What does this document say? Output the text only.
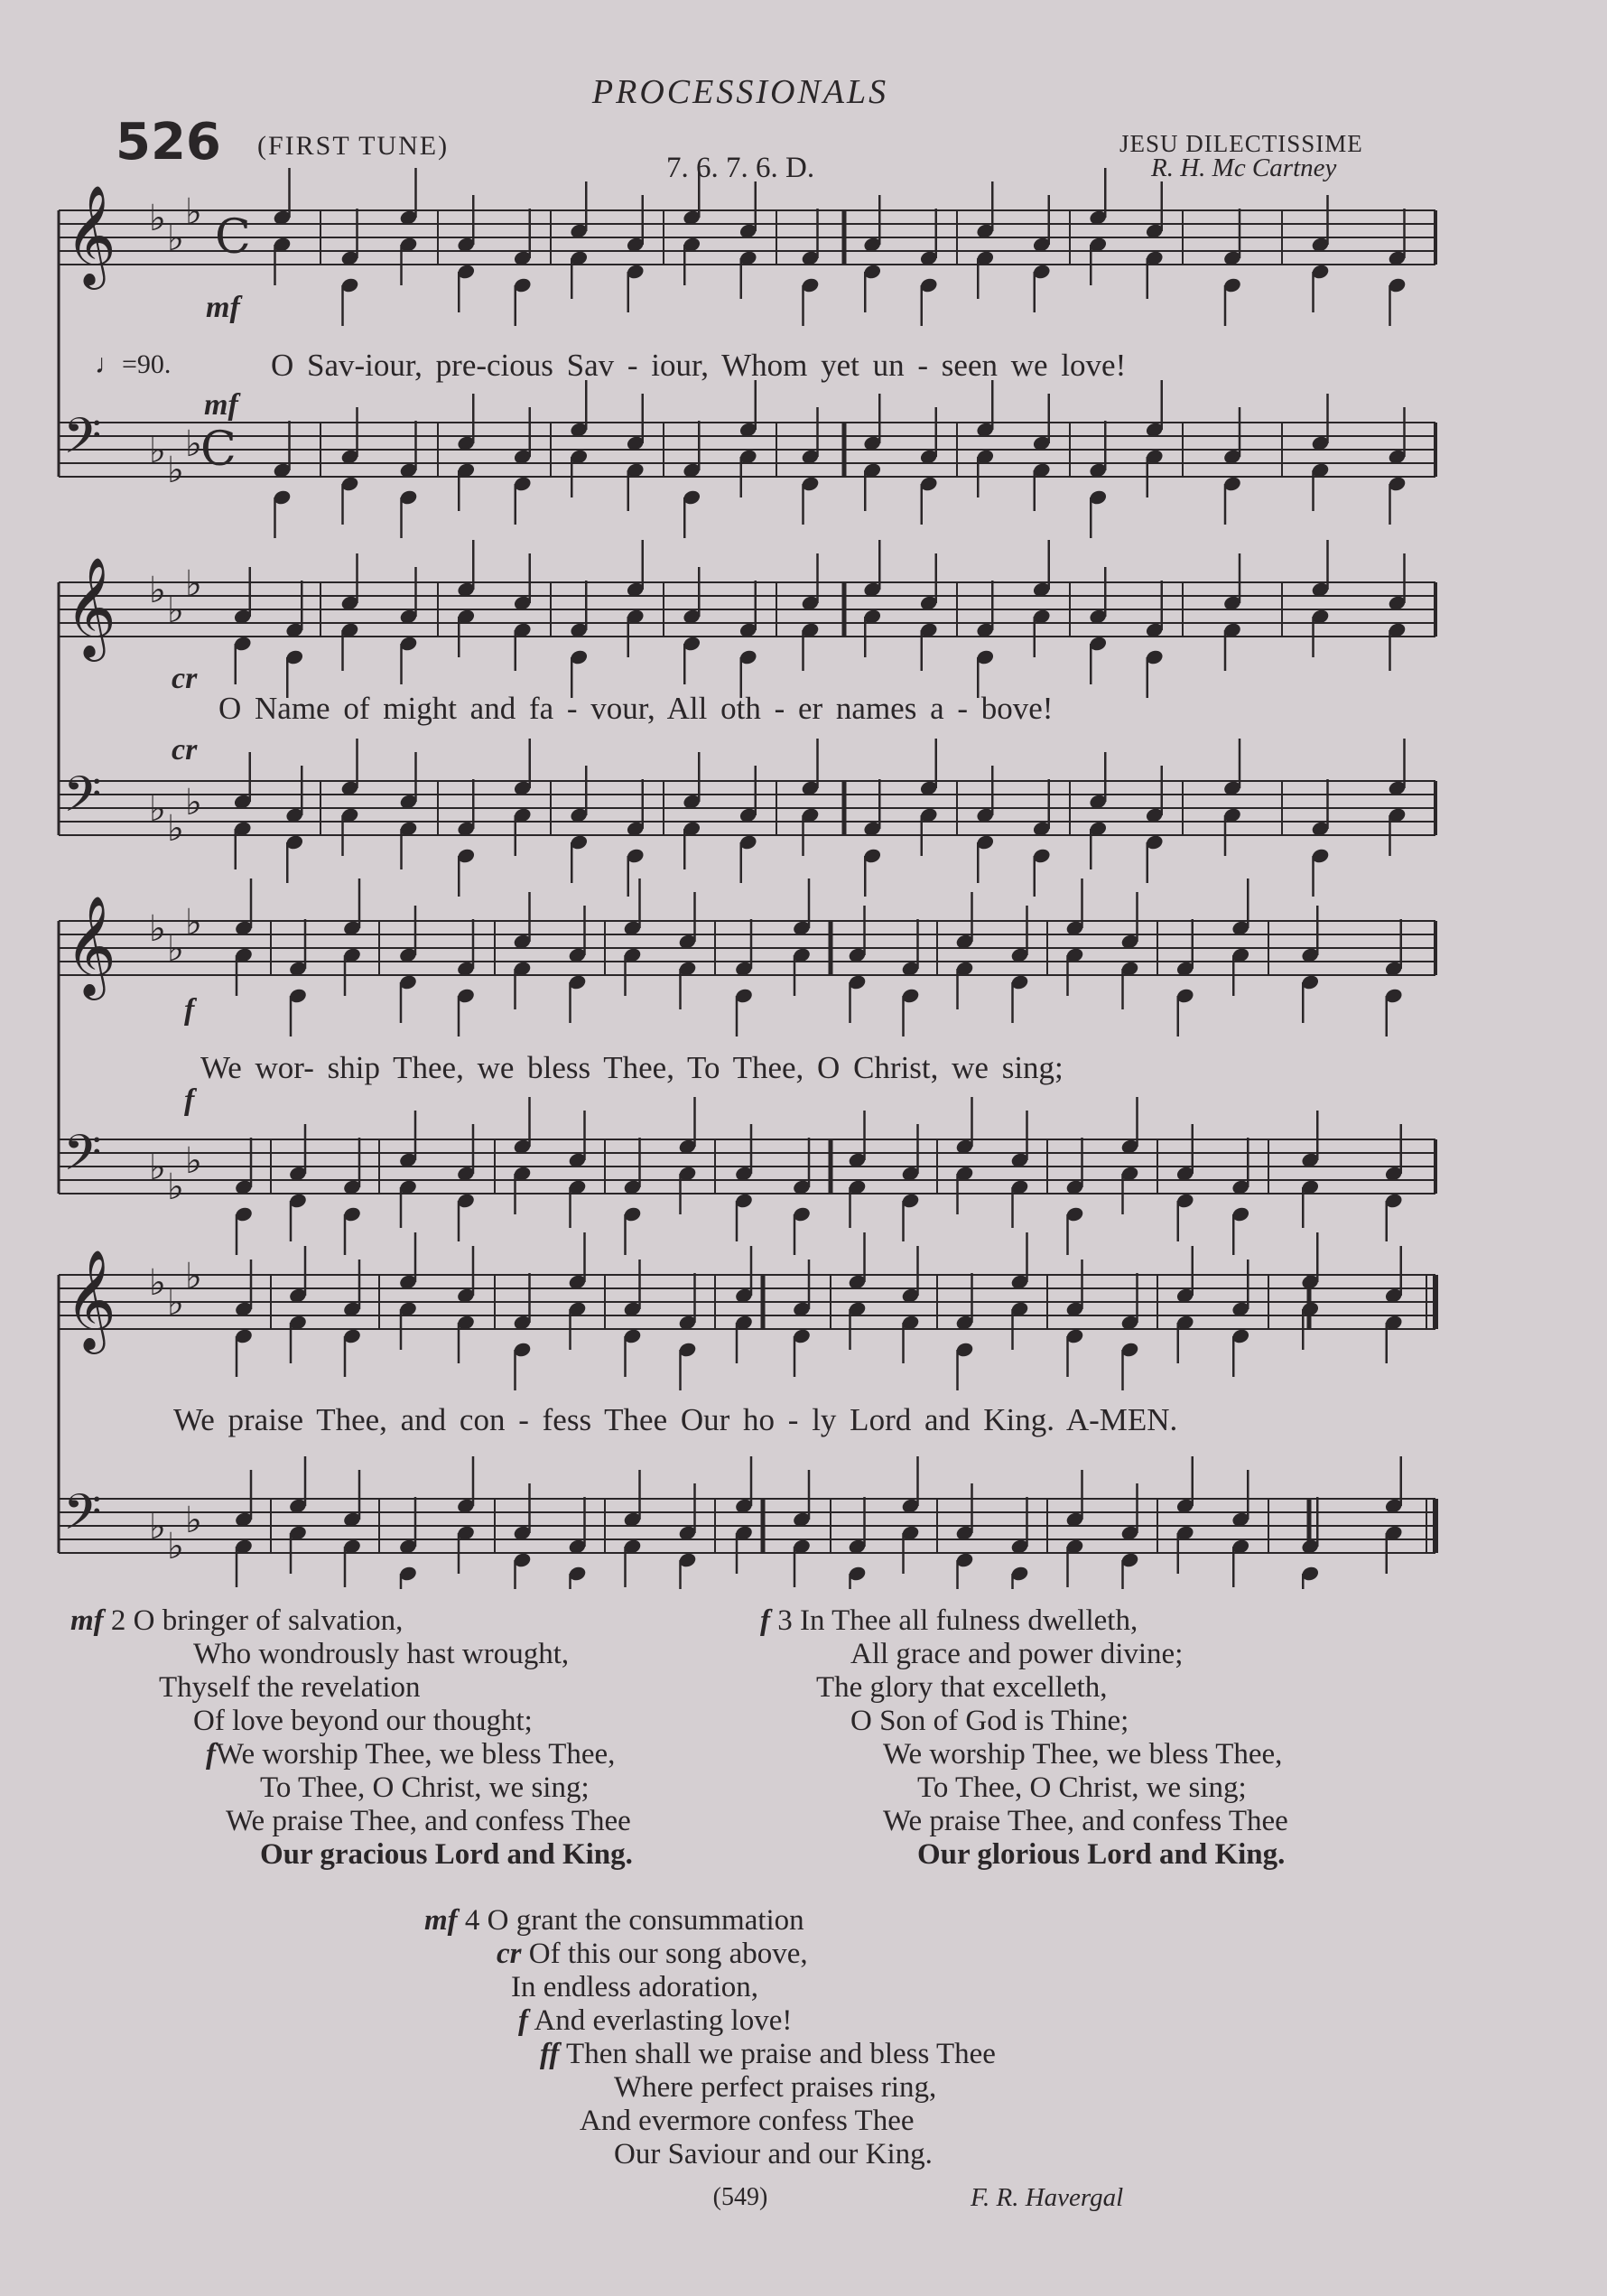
PROCESSIONALS
526 (FIRST TUNE)
7. 6. 7. 6. D.
JESU DILECTISSIME
R. H. Mc Cartney
𝄞 ♭ ♭
♭ C
𝄢 ♭ ♭
♭
C
𝄞 ♭ ♭
♭
𝄢 ♭ ♭
♭
𝄞 ♭ ♭
♭
𝄢 ♭ ♭
♭
𝄞 ♭ ♭
♭
𝄢 ♭ ♭
♭
♩=90.
mf
O Sav-iour, pre-cious Sav - iour, Whom yet un - seen we love!
mf
cr
O Name of might and fa - vour, All oth - er names a - bove!
cr
f
We wor- ship Thee, we bless Thee, To Thee, O Christ, we sing;
f
We praise Thee, and con - fess Thee Our ho - ly Lord and King. A-MEN.
mf 2 O bringer of salvation,
Who wondrously hast wrought,
Thyself the revelation
Of love beyond our thought;
fWe worship Thee, we bless Thee,
To Thee, O Christ, we sing;
We praise Thee, and confess Thee
Our gracious Lord and King.
f 3 In Thee all fulness dwelleth,
All grace and power divine;
The glory that excelleth,
O Son of God is Thine;
We worship Thee, we bless Thee,
To Thee, O Christ, we sing;
We praise Thee, and confess Thee
Our glorious Lord and King.
mf 4 O grant the consummation
cr Of this our song above,
In endless adoration,
f And everlasting love!
ff Then shall we praise and bless Thee
Where perfect praises ring,
And evermore confess Thee
Our Saviour and our King.
F. R. Havergal
(549)
